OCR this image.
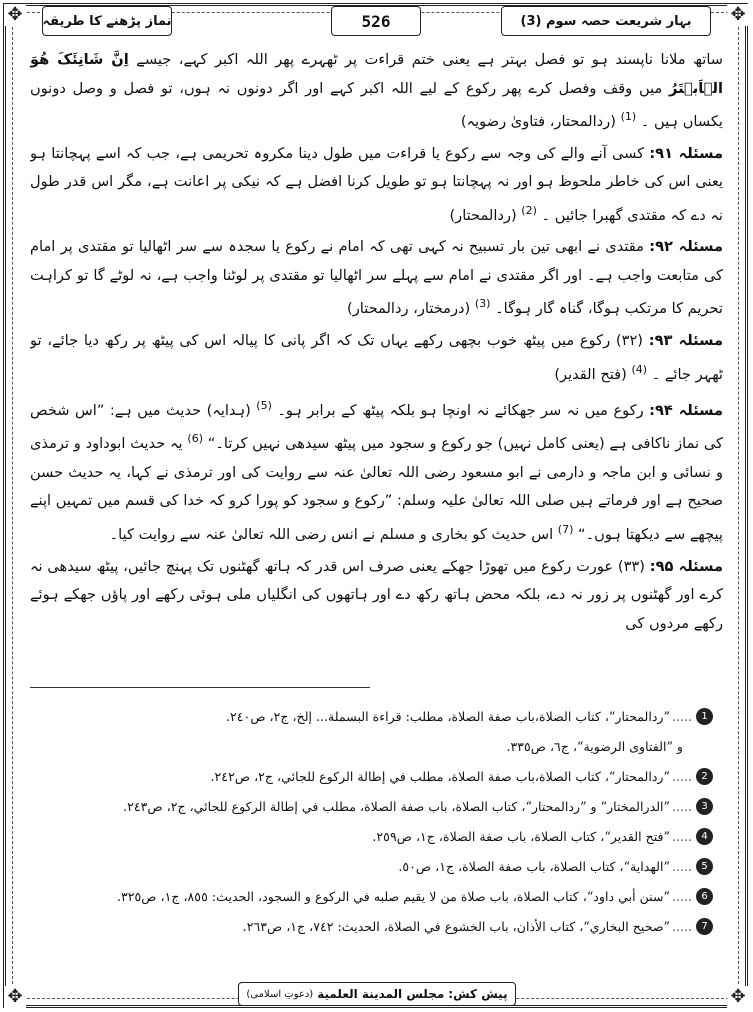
✥	✥
✥	✥
بہار شریعت حصہ سوم (3)
526
نماز پڑھنے کا طریقہ

ساتھ ملانا ناپسند ہو تو فصل بہتر ہے یعنی ختم قراءت پر ٹھہرے پھر اللہ اکبر کہے، جیسے اِنَّ شَانِئَکَ هُوَ الۡاَبۡتَرُ میں وقف وفصل کرے پھر رکوع کے لیے اللہ اکبر کہے اور اگر دونوں نہ ہوں، تو فصل و وصل دونوں یکساں ہیں ۔ $^{(1)}$ (ردالمحتار، فتاویٰ رضویہ)

مسئلہ ۹۱: کسی آنے والے کی وجہ سے رکوع یا قراءت میں طول دینا مکروہ تحریمی ہے، جب کہ اسے پہچانتا ہو یعنی اس کی خاطر ملحوظ ہو اور نہ پہچانتا ہو تو طویل کرنا افضل ہے کہ نیکی پر اعانت ہے، مگر اس قدر طول نہ دے کہ مقتدی گھبرا جائیں ۔ $^{(2)}$ (ردالمحتار)

مسئلہ ۹۲: مقتدی نے ابھی تین بار تسبیح نہ کہی تھی کہ امام نے رکوع یا سجدہ سے سر اٹھالیا تو مقتدی پر امام کی متابعت واجب ہے۔ اور اگر مقتدی نے امام سے پہلے سر اٹھالیا تو مقتدی پر لوٹنا واجب ہے، نہ لوٹے گا تو کراہت تحریم کا مرتکب ہوگا، گناہ گار ہوگا۔ $^{(3)}$ (درمختار، ردالمحتار)

مسئلہ ۹۳: (۳۲) رکوع میں پیٹھ خوب بچھی رکھے یہاں تک کہ اگر پانی کا پیالہ اس کی پیٹھ پر رکھ دیا جائے، تو ٹھہر جائے ۔ $^{(4)}$ (فتح القدیر)

مسئلہ ۹۴: رکوع میں نہ سر جھکائے نہ اونچا ہو بلکہ پیٹھ کے برابر ہو۔ $^{(5)}$ (ہدایہ) حدیث میں ہے: ”اس شخص کی نماز ناکافی ہے (یعنی کامل نہیں) جو رکوع و سجود میں پیٹھ سیدھی نہیں کرتا۔“ $^{(6)}$ یہ حدیث ابوداود و ترمذی و نسائی و ابن ماجہ و دارمی نے ابو مسعود رضی اللہ تعالیٰ عنہ سے روایت کی اور ترمذی نے کہا، یہ حدیث حسن صحیح ہے اور فرماتے ہیں صلی اللہ تعالیٰ علیہ وسلم: ”رکوع و سجود کو پورا کرو کہ خدا کی قسم میں تمہیں اپنے پیچھے سے دیکھتا ہوں۔“ $^{(7)}$ اس حدیث کو بخاری و مسلم نے انس رضی اللہ تعالیٰ عنہ سے روایت کیا۔

مسئلہ ۹۵: (۳۳) عورت رکوع میں تھوڑا جھکے یعنی صرف اس قدر کہ ہاتھ گھٹنوں تک پہنچ جائیں، پیٹھ سیدھی نہ کرے اور گھٹنوں پر زور نہ دے، بلکہ محض ہاتھ رکھ دے اور ہاتھوں کی انگلیاں ملی ہوئی رکھے اور پاؤں جھکے ہوئے رکھے مردوں کی

1
.....
”ردالمحتار“، کتاب الصلاة،باب صفة الصلاة، مطلب: قراءة البسملة... إلخ، ج۲، ص۲٤۰.
و ”الفتاوی الرضویة“، ج٦، ص۳۳٥.
2
.....
”ردالمحتار“، کتاب الصلاة،باب صفة الصلاة، مطلب في إطالة الرکوع للجائي، ج۲، ص۲٤۲.
3
.....
”الدرالمختار“ و ”ردالمحتار“، کتاب الصلاة، باب صفة الصلاة، مطلب في إطالة الرکوع للجائي، ج۲، ص۲٤۳.
4
.....
”فتح القدیر“، کتاب الصلاة، باب صفة الصلاة، ج۱، ص۲٥۹.
5
.....
”الهدایة“، کتاب الصلاة، باب صفة الصلاة، ج۱، ص٥۰.
6
.....
”سنن أبي داود“، کتاب الصلاة، باب صلاة من لا یقیم صلبه في الرکوع و السجود، الحدیث: ۸٥٥، ج۱، ص۳۲٥.
7
.....
”صحیح البخاري“، کتاب الأذان، باب الخشوع في الصلاة، الحدیث: ۷٤۲، ج۱، ص۲٦۳.
پیش کش:
مجلس المدینة العلمیة
(دعوتِ اسلامی)
